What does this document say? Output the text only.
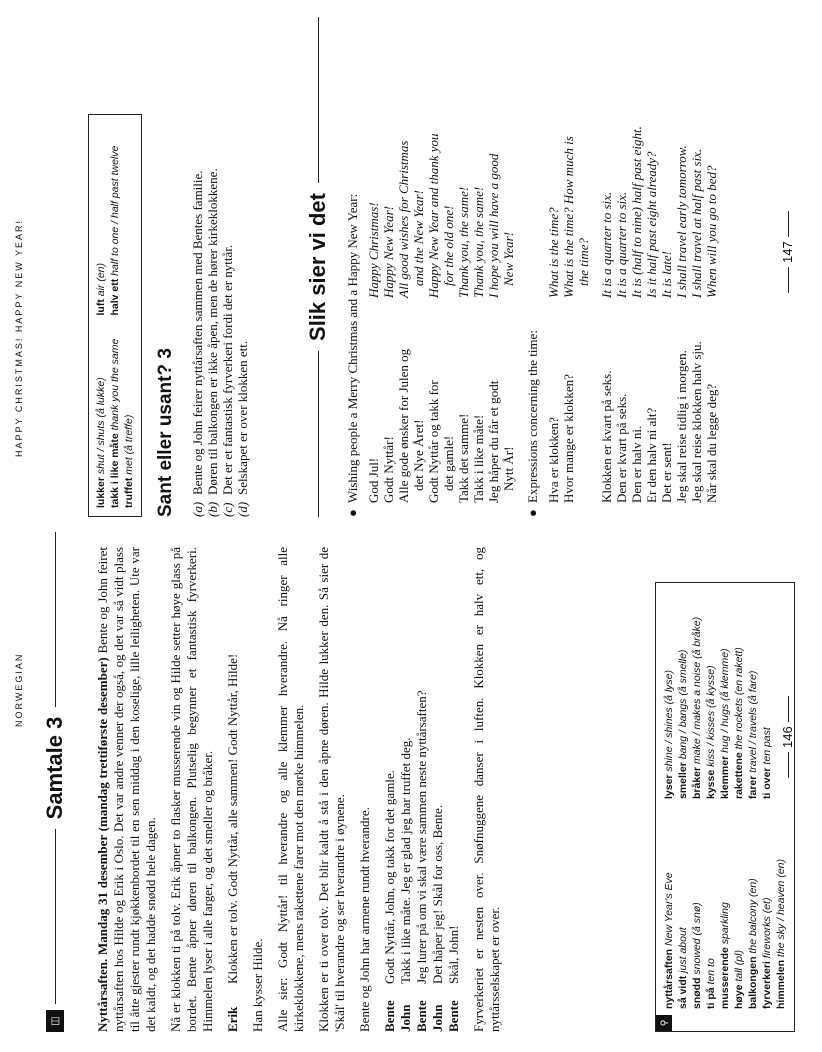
NORWEGIAN
◫
Samtale 3 Nyttårsaften. Mandag 31 desember (mandag trettiførste desember) Bente og John feiret nyttårsaften hos Hilde og Erik i Oslo. Det var andre venner der også, og det var så vidt plass til åtte gjester rundt kjøkkenbordet til en sen middag i den koselige, lille leiligheten. Ute var det kaldt, og det hadde snødd hele dagen. Nå er klokken ti på tolv. Erik åpner to flasker musserende vin og Hilde setter høye glass på bordet. Bente åpner døren til balkongen. Plutselig begynner et fantastisk fyrverkeri. Himmelen lyser i alle farger, og det smeller og bråker. Erik
Klokken er tolv. Godt Nyttår, alle sammen! Godt Nyttår, Hilde!

Han kysser Hilde. Alle sier: Godt Nyttår! til hverandre og alle klemmer hverandre. Nå ringer alle kirkeklokkene, mens rakettene farer mot den mørke himmelen. Klokken er ti over tolv. Det blir kaldt å stå i den åpne døren. Hilde lukker den. Så sier de 'Skål' til hverandre og ser hverandre i øynene. Bente og John har armene rundt hverandre. Bente
Godt Nyttår, John, og takk for det gamle.
John
Takk i like måte. Jeg er glad jeg har truffet deg.
Bente
Jeg lurer på om vi skal være sammen neste nyttårsaften?
John
Det håper jeg! Skål for oss, Bente.
Bente
Skål, John! Fyrverkeriet er nesten over. Snøfnuggene danser i luften. Klokken er halv ett, og nyttårsselskapet er over.	⚲
nyttårsaften New Year's Eve
så vidt just about
snødd snowed (å snø)
ti på ten to musserende sparkling
høye tall (pl) balkongen the balcony (en)
fyrverkeri fireworks (et)
himmelen the sky / heaven (en)
lyser shine / shines (å lyse)
smeller bang / bangs (å smelle)
bråker make / makes a noise (å bråke)
kysse kiss / kisses (å kysse)
klemmer hug / hugs (å klemme)
rakettene the rockets (en rakett)
farer travel / travels (å fare)
ti over ten past 146
HAPPY CHRISTMAS! HAPPY NEW YEAR!
lukker shut / shuts (å lukke) takk i like måte thank you the same
truffet met (å treffe)
luft air (en) halv ett half to one / half past twelve
Sant eller usant? 3 (a)
Bente og John feirer nyttårsaften sammen med Bentes familie.
(b)
Døren til balkongen er ikke åpen, men de hører kirkeklokkene.
(c)
Det er et fantastisk fyrverkeri fordi det er nyttår.
(d)
Selskapet er over klokken ett.
Slik sier vi det
●
Wishing people a Merry Christmas and a Happy New Year: God Jul!
Happy Christmas!
Godt Nyttår!
Happy New Year!
Alle gode ønsker for Julen og
All good wishes for Christmas
det Nye Året!
and the New Year!
Godt Nyttår og takk for
Happy New Year and thank you
det gamle!
for the old one!
Takk det samme!
Thank you, the same!
Takk i like måte!
Thank you, the same!
Jeg håper du får et godt
I hope you will have a good
Nytt År!
New Year!
●
Expressions concerning the time: Hva er klokken?
What is the time?
Hvor mange er klokken?
What is the time? How much is the time?
Klokken er kvart på seks.
It is a quarter to six.
Den er kvart på seks.
It is a quarter to six.
Den er halv ni.
It is (half to nine) half past eight.
Er den halv ni alt?
Is it half past eight already?
Det er sent!
It is late!
Jeg skal reise tidlig i morgen.
I shall travel early tomorrow.
Jeg skal reise klokken halv sju.
I shall travel at half past six.
Når skal du legge deg?
When will you go to bed?	147
